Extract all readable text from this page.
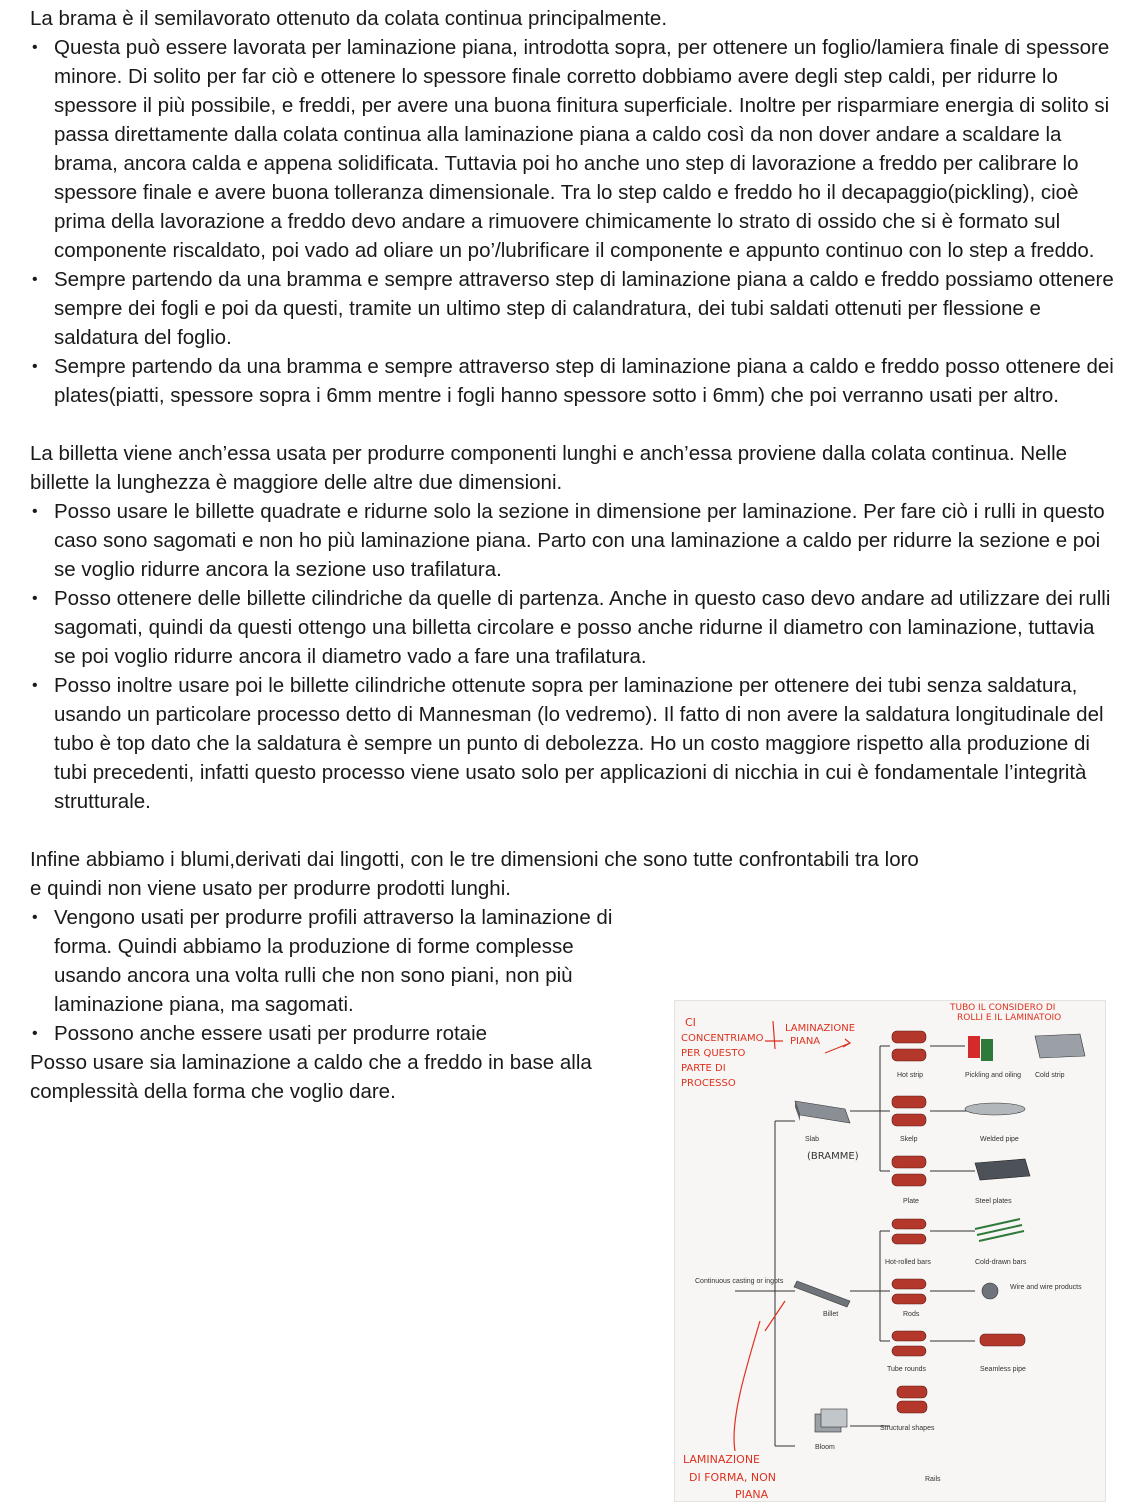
La brama è il semilavorato ottenuto da colata continua principalmente.

• Questa può essere lavorata per laminazione piana, introdotta sopra, per ottenere un foglio/lamiera finale di spessore minore. Di solito per far ciò e ottenere lo spessore finale corretto dobbiamo avere degli step caldi, per ridurre lo spessore il più possibile, e freddi, per avere una buona finitura superficiale. Inoltre per risparmiare energia di solito si passa direttamente dalla colata continua alla laminazione piana a caldo così da non dover andare a scaldare la brama, ancora calda e appena solidificata. Tuttavia poi ho anche uno step di lavorazione a freddo per calibrare lo spessore finale e avere buona tolleranza dimensionale. Tra lo step caldo e freddo ho il decapaggio(pickling), cioè prima della lavorazione a freddo devo andare a rimuovere chimicamente lo strato di ossido che si è formato sul componente riscaldato, poi vado ad oliare un po’/lubrificare il componente e appunto continuo con lo step a freddo.
• Sempre partendo da una bramma e sempre attraverso step di laminazione piana a caldo e freddo possiamo ottenere sempre dei fogli e poi da questi, tramite un ultimo step di calandratura, dei tubi saldati ottenuti per flessione e saldatura del foglio.
• Sempre partendo da una bramma e sempre attraverso step di laminazione piana a caldo e freddo posso ottenere dei plates(piatti, spessore sopra i 6mm mentre i fogli hanno spessore sotto i 6mm) che poi verranno usati per altro.

La billetta viene anch’essa usata per produrre componenti lunghi e anch’essa proviene dalla colata continua. Nelle billette la lunghezza è maggiore delle altre due dimensioni.

• Posso usare le billette quadrate e ridurne solo la sezione in dimensione per laminazione. Per fare ciò i rulli in questo caso sono sagomati e non ho più laminazione piana. Parto con una laminazione a caldo per ridurre la sezione e poi se voglio ridurre ancora la sezione uso trafilatura.
• Posso ottenere delle billette cilindriche da quelle di partenza. Anche in questo caso devo andare ad utilizzare dei rulli sagomati, quindi da questi ottengo una billetta circolare e posso anche ridurne il diametro con laminazione, tuttavia se poi voglio ridurre ancora il diametro vado a fare una trafilatura.
• Posso inoltre usare poi le billette cilindriche ottenute sopra per laminazione per ottenere dei tubi senza saldatura, usando un particolare processo detto di Mannesman (lo vedremo). Il fatto di non avere la saldatura longitudinale del tubo è top dato che la saldatura è sempre un punto di debolezza. Ho un costo maggiore rispetto alla produzione di tubi precedenti, infatti questo processo viene usato solo per applicazioni di nicchia in cui è fondamentale l’integrità strutturale.

Infine abbiamo i blumi,derivati dai lingotti, con le tre dimensioni che sono tutte confrontabili tra loro

e quindi non viene usato per produrre prodotti lunghi.

• Vengono usati per produrre profili attraverso la laminazione di forma. Quindi abbiamo la produzione di forme complesse usando ancora una volta rulli che non sono piani, non più laminazione piana, ma sagomati.
• Possono anche essere usati per produrre rotaie

Posso usare sia laminazione a caldo che a freddo in base alla complessità della forma che voglio dare.

Continuous casting or ingots
Slab
Billet
Bloom
Hot strip	Pickling and oiling Cold strip
Skelp	Welded pipe
Plate	Steel plates
Hot-rolled bars	Cold-drawn bars
Rods
Wire and wire products
Tube rounds	Seamless pipe
Structural shapes
Rails
TUBO IL CONSIDERO DI
ROLLI E IL LAMINATOIO
CI
CONCENTRIAMO
PER QUESTO
PARTE DI
PROCESSO
LAMINAZIONE
PIANA
(BRAMME)
LAMINAZIONE
DI FORMA, NON
PIANA
